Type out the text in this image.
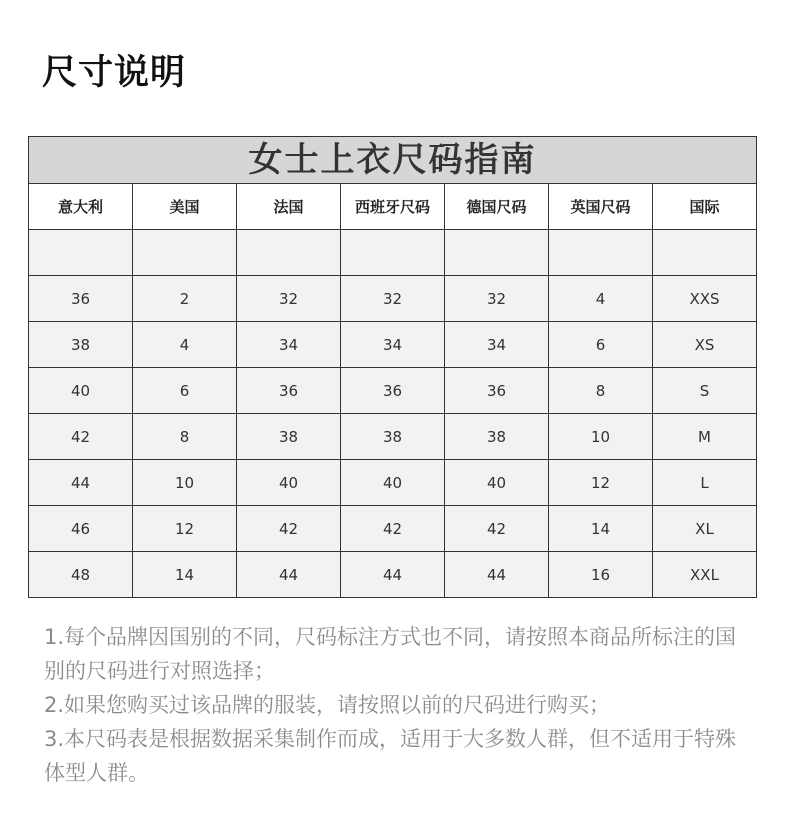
尺寸说明
女士上衣尺码指南						
意大利	美国	法国	西班牙尺码	德国尺码	英国尺码	国际

36	2	32	32	32	4	XXS
38	4	34	34	34	6	XS
40	6	36	36	36	8	S
42	8	38	38	38	10	M
44	10	40	40	40	12	L
46	12	42	42	42	14	XL
48	14	44	44	44	16	XXL

1.每个品牌因国别的不同，尺码标注方式也不同，请按照本商品所标注的国别的尺码进行对照选择；

2.如果您购买过该品牌的服装，请按照以前的尺码进行购买；

3.本尺码表是根据数据采集制作而成，适用于大多数人群，但不适用于特殊体型人群。
